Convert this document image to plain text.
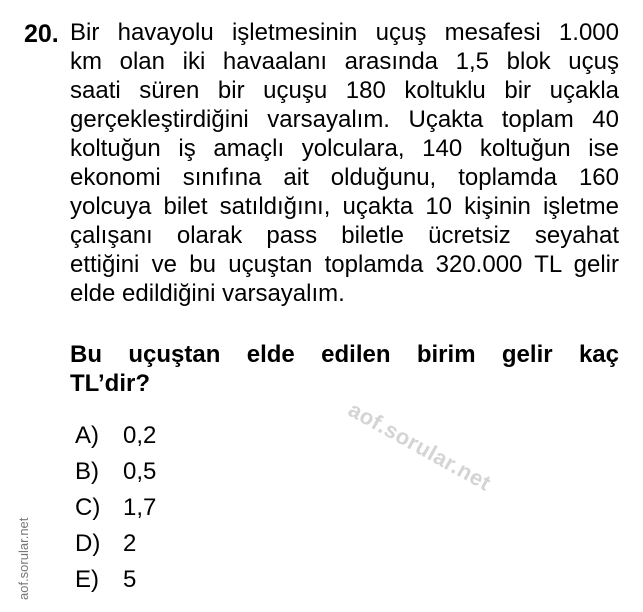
20. Bir havayolu işletmesinin uçuş mesafesi 1.000
km olan iki havaalanı arasında 1,5 blok uçuş
saati süren bir uçuşu 180 koltuklu bir uçakla
gerçekleştirdiğini varsayalım. Uçakta toplam 40
koltuğun iş amaçlı yolculara, 140 koltuğun ise
ekonomi sınıfına ait olduğunu, toplamda 160
yolcuya bilet satıldığını, uçakta 10 kişinin işletme
çalışanı olarak pass biletle ücretsiz seyahat
ettiğini ve bu uçuştan toplamda 320.000 TL gelir
elde edildiğini varsayalım.
Bu uçuştan elde edilen birim gelir kaç
TL’dir?
aof.sorular.net
A)	0,2
B)	0,5
C) 1,7
D) 2
E)	5
aof.sorular.net
